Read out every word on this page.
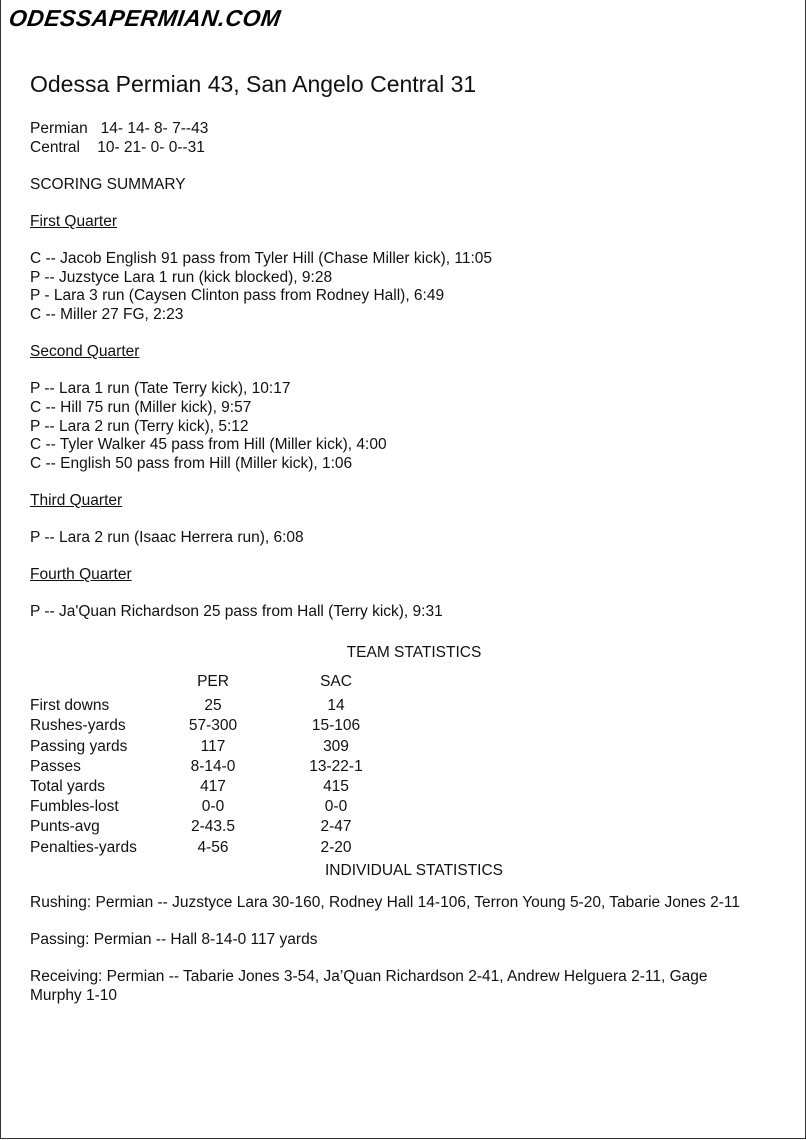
ODESSAPERMIAN.COM
Odessa Permian 43, San Angelo Central 31
Permian 14- 14- 8- 7--43
Central 10- 21- 0- 0--31
SCORING SUMMARY
First Quarter
C -- Jacob English 91 pass from Tyler Hill (Chase Miller kick), 11:05
P -- Juzstyce Lara 1 run (kick blocked), 9:28
P - Lara 3 run (Caysen Clinton pass from Rodney Hall), 6:49
C -- Miller 27 FG, 2:23
Second Quarter
P -- Lara 1 run (Tate Terry kick), 10:17
C -- Hill 75 run (Miller kick), 9:57
P -- Lara 2 run (Terry kick), 5:12
C -- Tyler Walker 45 pass from Hill (Miller kick), 4:00
C -- English 50 pass from Hill (Miller kick), 1:06
Third Quarter
P -- Lara 2 run (Isaac Herrera run), 6:08
Fourth Quarter
P -- Ja'Quan Richardson 25 pass from Hall (Terry kick), 9:31
TEAM STATISTICS
	PER	SAC

First downs	25	14
Rushes-yards	57-300	15-106
Passing yards	117	309
Passes	8-14-0	13-22-1
Total yards	417	415
Fumbles-lost	0-0	0-0
Punts-avg	2-43.5	2-47
Penalties-yards	4-56	2-20
INDIVIDUAL STATISTICS
Rushing: Permian -- Juzstyce Lara 30-160, Rodney Hall 14-106, Terron Young 5-20, Tabarie Jones 2-11
Passing: Permian -- Hall 8-14-0 117 yards
Receiving: Permian -- Tabarie Jones 3-54, Ja’Quan Richardson 2-41, Andrew Helguera 2-11, Gage Murphy 1-10
